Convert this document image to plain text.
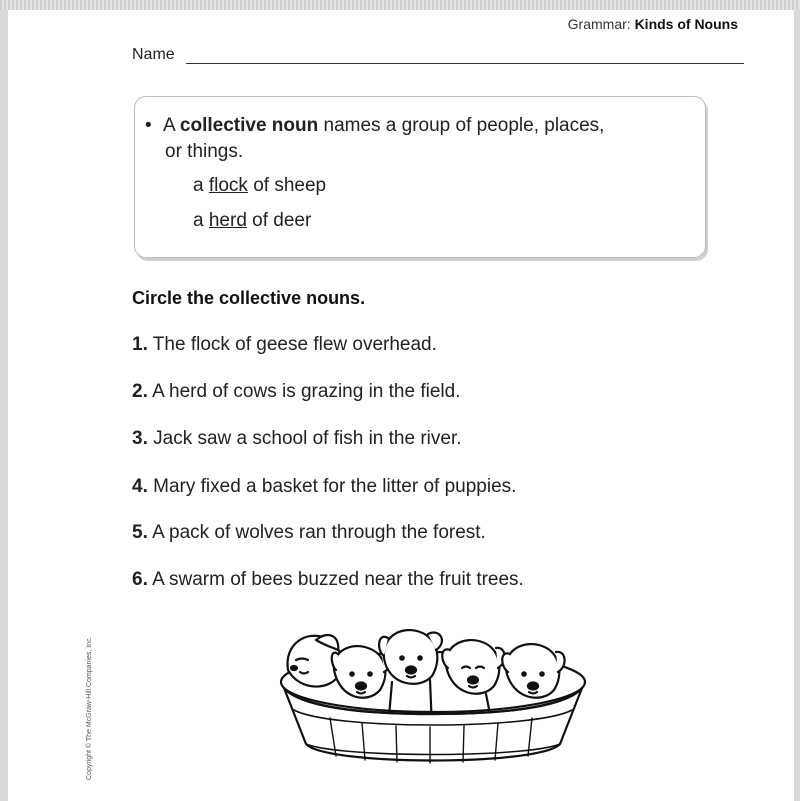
Grammar: Kinds of Nouns
Name
• A collective noun names a group of people, places,
or things.
a flock of sheep
a herd of deer
Circle the collective nouns.
1. The flock of geese flew overhead.
2. A herd of cows is grazing in the field.
3. Jack saw a school of fish in the river.
4. Mary fixed a basket for the litter of puppies.
5. A pack of wolves ran through the forest.
6. A swarm of bees buzzed near the fruit trees.
Copyright © The McGraw-Hill Companies, Inc.
